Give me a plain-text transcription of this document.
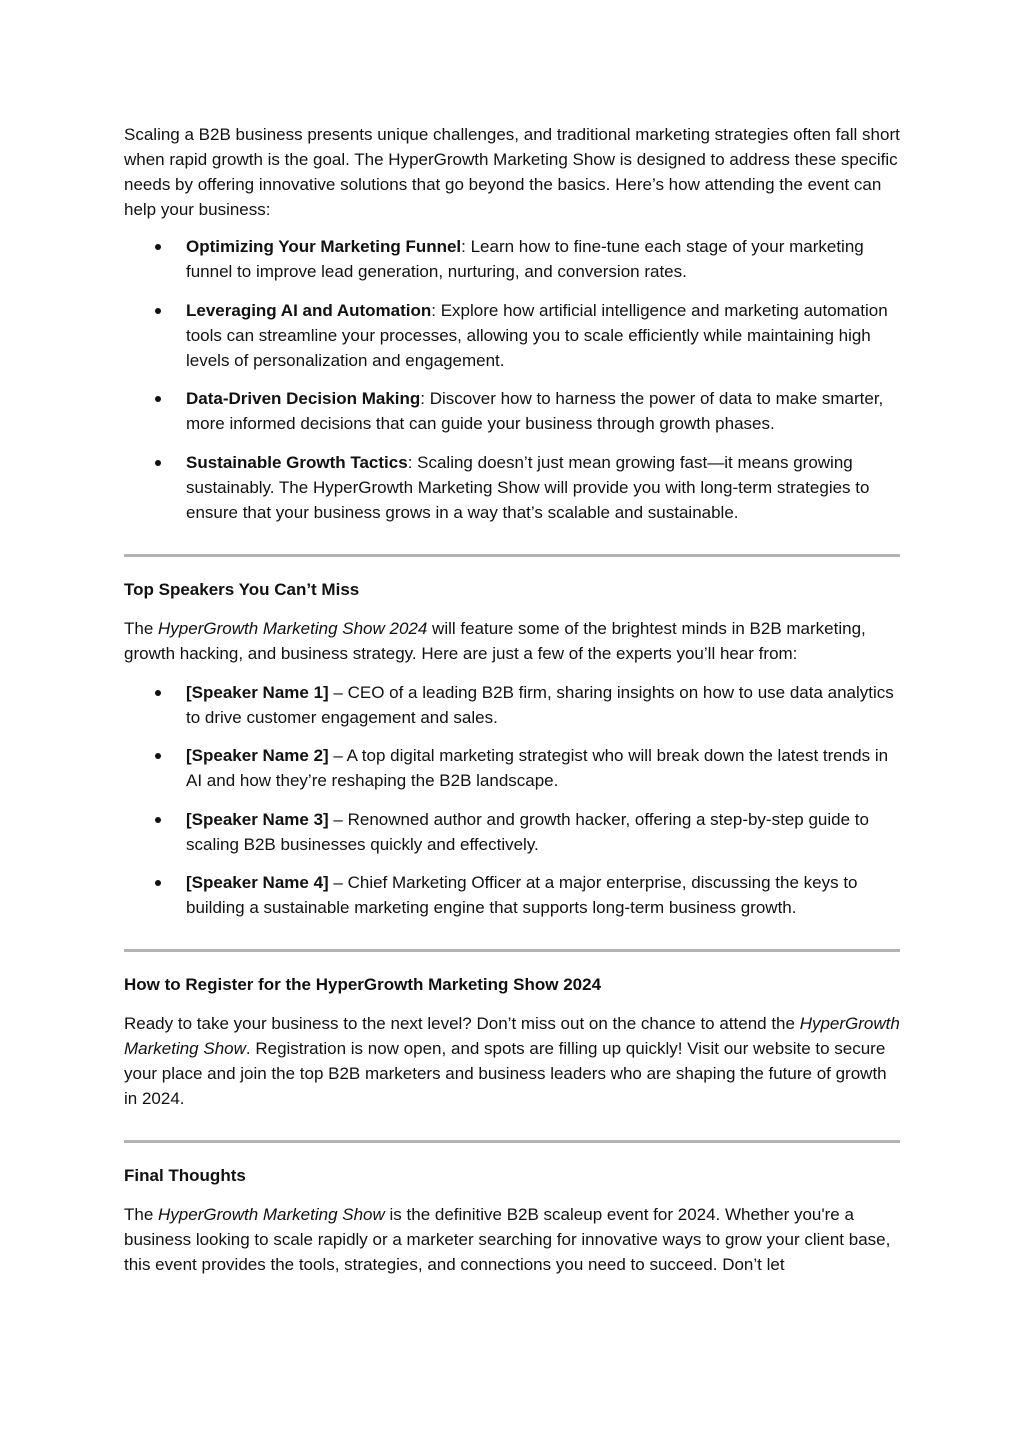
Scaling a B2B business presents unique challenges, and traditional marketing strategies often fall short when rapid growth is the goal. The HyperGrowth Marketing Show is designed to address these specific needs by offering innovative solutions that go beyond the basics. Here’s how attending the event can help your business:

Optimizing Your Marketing Funnel: Learn how to fine-tune each stage of your marketing funnel to improve lead generation, nurturing, and conversion rates.
Leveraging AI and Automation: Explore how artificial intelligence and marketing automation tools can streamline your processes, allowing you to scale efficiently while maintaining high levels of personalization and engagement.
Data-Driven Decision Making: Discover how to harness the power of data to make smarter, more informed decisions that can guide your business through growth phases.
Sustainable Growth Tactics: Scaling doesn’t just mean growing fast—it means growing sustainably. The HyperGrowth Marketing Show will provide you with long-term strategies to ensure that your business grows in a way that’s scalable and sustainable.
Top Speakers You Can’t Miss

The HyperGrowth Marketing Show 2024 will feature some of the brightest minds in B2B marketing, growth hacking, and business strategy. Here are just a few of the experts you’ll hear from:

[Speaker Name 1] – CEO of a leading B2B firm, sharing insights on how to use data analytics to drive customer engagement and sales.
[Speaker Name 2] – A top digital marketing strategist who will break down the latest trends in AI and how they’re reshaping the B2B landscape.
[Speaker Name 3] – Renowned author and growth hacker, offering a step-by-step guide to scaling B2B businesses quickly and effectively.
[Speaker Name 4] – Chief Marketing Officer at a major enterprise, discussing the keys to building a sustainable marketing engine that supports long-term business growth.
How to Register for the HyperGrowth Marketing Show 2024

Ready to take your business to the next level? Don’t miss out on the chance to attend the HyperGrowth Marketing Show. Registration is now open, and spots are filling up quickly! Visit our website to secure your place and join the top B2B marketers and business leaders who are shaping the future of growth in 2024.

Final Thoughts

The HyperGrowth Marketing Show is the definitive B2B scaleup event for 2024. Whether you're a business looking to scale rapidly or a marketer searching for innovative ways to grow your client base, this event provides the tools, strategies, and connections you need to succeed. Don’t let
